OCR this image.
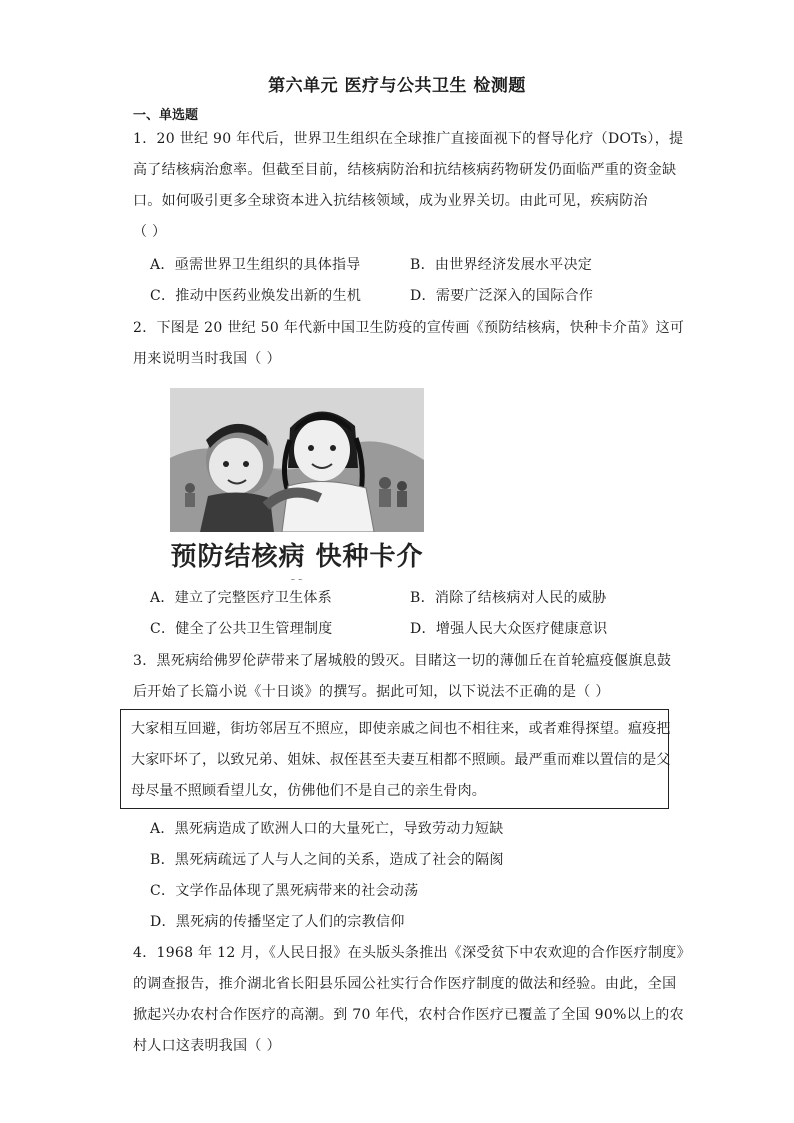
第六单元 医疗与公共卫生 检测题
一、单选题
1．20 世纪 90 年代后，世界卫生组织在全球推广直接面视下的督导化疗（DOTs），提
高了结核病治愈率。但截至目前，结核病防治和抗结核病药物研发仍面临严重的资金缺
口。如何吸引更多全球资本进入抗结核领域，成为业界关切。由此可见，疾病防治
（ ）
A．亟需世界卫生组织的具体指导	B．由世界经济发展水平决定
C．推动中医药业焕发出新的生机	D．需要广泛深入的国际合作
2．下图是 20 世纪 50 年代新中国卫生防疫的宣传画《预防结核病，快种卡介苗》这可
用来说明当时我国（ ）
预防结核病 快种卡介
A．建立了完整医疗卫生体系	B．消除了结核病对人民的威胁
C．健全了公共卫生管理制度	D．增强人民大众医疗健康意识
3．黑死病给佛罗伦萨带来了屠城般的毁灭。目睹这一切的薄伽丘在首轮瘟疫偃旗息鼓
后开始了长篇小说《十日谈》的撰写。据此可知，以下说法不正确的是（ ）
大家相互回避，街坊邻居互不照应，即使亲戚之间也不相往来，或者难得探望。瘟疫把
大家吓坏了，以致兄弟、姐妹、叔侄甚至夫妻互相都不照顾。最严重而难以置信的是父
母尽量不照顾看望儿女，仿佛他们不是自己的亲生骨肉。
A．黑死病造成了欧洲人口的大量死亡，导致劳动力短缺
B．黑死病疏远了人与人之间的关系，造成了社会的隔阂
C．文学作品体现了黑死病带来的社会动荡
D．黑死病的传播坚定了人们的宗教信仰
4．1968 年 12 月，《人民日报》在头版头条推出《深受贫下中农欢迎的合作医疗制度》
的调查报告，推介湖北省长阳县乐园公社实行合作医疗制度的做法和经验。由此，全国
掀起兴办农村合作医疗的高潮。到 70 年代，农村合作医疗已覆盖了全国 90%以上的农
村人口这表明我国（ ）
